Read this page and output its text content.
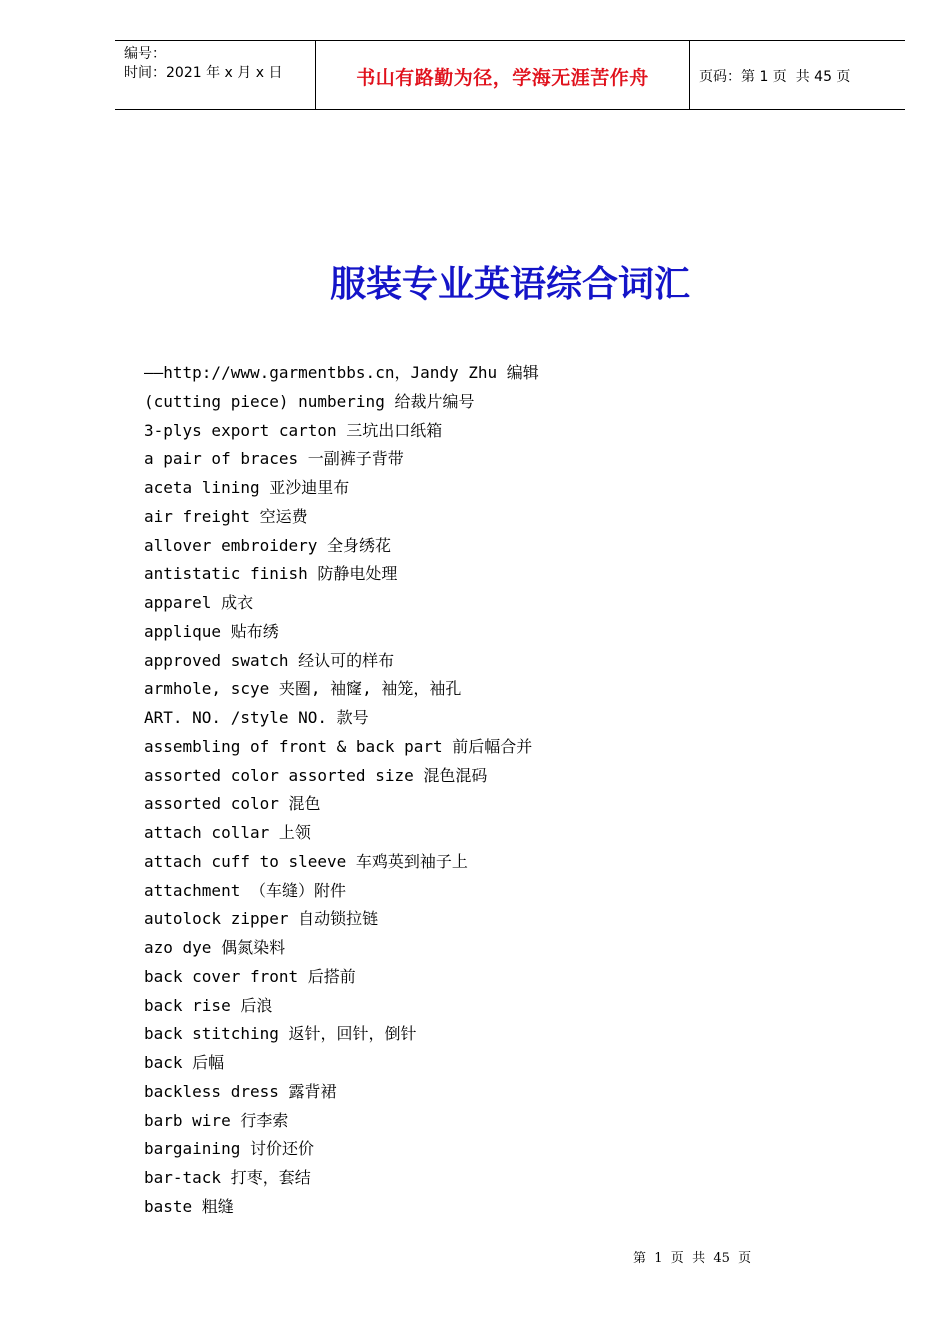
编号：
时间：2021 年 x 月 x 日	书山有路勤为径，学海无涯苦作舟	页码：第 1 页  共 45 页
服装专业英语综合词汇
——http://www.garmentbbs.cn，Jandy Zhu 编辑
(cutting piece) numbering 给裁片编号
3-plys export carton 三坑出口纸箱
a pair of braces 一副裤子背带
aceta lining 亚沙迪里布
air freight 空运费
allover embroidery 全身绣花
antistatic finish 防静电处理
apparel 成衣
applique 贴布绣
approved swatch 经认可的样布
armhole, scye 夹圈, 袖窿, 袖笼，袖孔
ART. NO. /style NO. 款号
assembling of front & back part 前后幅合并
assorted color assorted size 混色混码
assorted color 混色
attach collar 上领
attach cuff to sleeve 车鸡英到袖子上
attachment （车缝）附件
autolock zipper 自动锁拉链
azo dye 偶氮染料
back cover front 后搭前
back rise 后浪
back stitching 返针，回针，倒针
back 后幅
backless dress 露背裙
barb wire 行李索
bargaining 讨价还价
bar-tack 打枣，套结
baste 粗缝
第  1  页  共  45  页
